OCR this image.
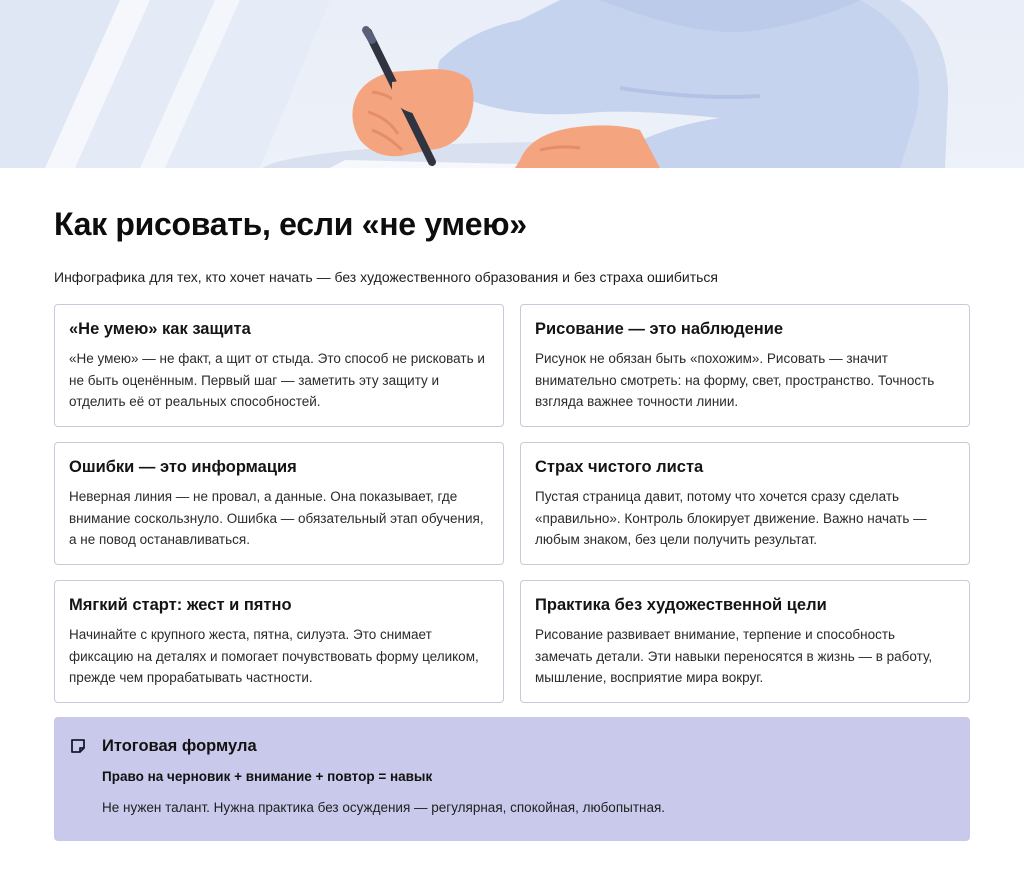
Как рисовать, если «не умею»
Инфографика для тех, кто хочет начать — без художественного образования и без страха ошибиться
«Не умею» как защита

«Не умею» — не факт, а щит от стыда. Это способ не рисковать и не быть оценённым. Первый шаг — заметить эту защиту и отделить её от реальных способностей.

Рисование — это наблюдение

Рисунок не обязан быть «похожим». Рисовать — значит внимательно смотреть: на форму, свет, пространство. Точность взгляда важнее точности линии.

Ошибки — это информация

Неверная линия — не провал, а данные. Она показывает, где внимание соскользнуло. Ошибка — обязательный этап обучения, а не повод останавливаться.

Страх чистого листа

Пустая страница давит, потому что хочется сразу сделать «правильно». Контроль блокирует движение. Важно начать — любым знаком, без цели получить результат.

Мягкий старт: жест и пятно

Начинайте с крупного жеста, пятна, силуэта. Это снимает фиксацию на деталях и помогает почувствовать форму целиком, прежде чем прорабатывать частности.

Практика без художественной цели

Рисование развивает внимание, терпение и способность замечать детали. Эти навыки переносятся в жизнь — в работу, мышление, восприятие мира вокруг.

Итоговая формула
Право на черновик + внимание + повтор = навык
Не нужен талант. Нужна практика без осуждения — регулярная, спокойная, любопытная.
